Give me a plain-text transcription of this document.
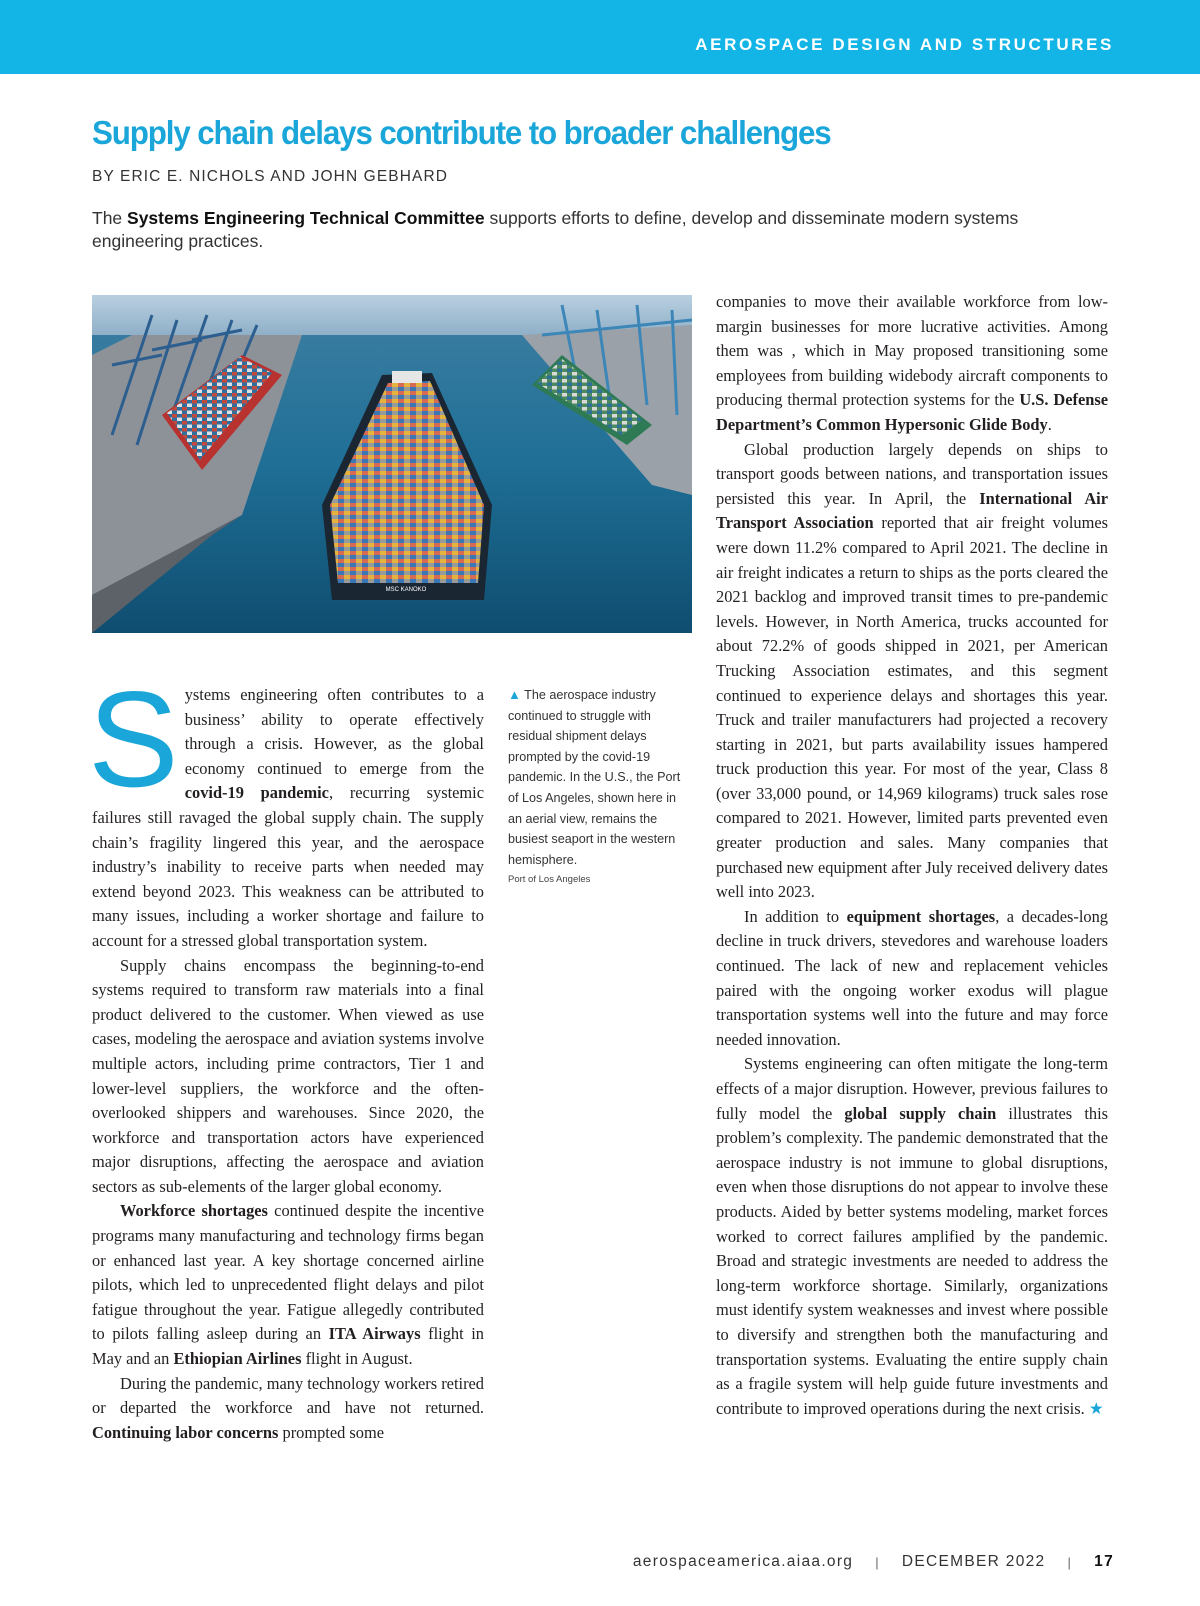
AEROSPACE DESIGN AND STRUCTURES
Supply chain delays contribute to broader challenges
BY ERIC E. NICHOLS AND JOHN GEBHARD
The Systems Engineering Technical Committee supports efforts to define, develop and disseminate modern systems engineering practices.
MSC KANOKO
▲ The aerospace industry continued to struggle with residual shipment delays prompted by the covid-19 pandemic. In the U.S., the Port of Los Angeles, shown here in an aerial view, remains the busiest seaport in the western hemisphere.
Port of Los Angeles

Systems engineering often contributes to a business’ ability to operate effectively through a crisis. However, as the global economy continued to emerge from the covid-19 pandemic, recurring systemic failures still ravaged the global supply chain. The supply chain’s fragility lingered this year, and the aerospace industry’s inability to receive parts when needed may extend beyond 2023. This weakness can be attributed to many issues, including a worker shortage and failure to account for a stressed global transportation system.

Supply chains encompass the beginning-to-end systems required to transform raw materials into a final product delivered to the customer. When viewed as use cases, modeling the aerospace and aviation systems involve multiple actors, including prime contractors, Tier 1 and lower-level suppliers, the workforce and the often-overlooked shippers and warehouses. Since 2020, the workforce and transportation actors have experienced major disruptions, affecting the aerospace and aviation sectors as sub-elements of the larger global economy.

Workforce shortages continued despite the incentive programs many manufacturing and technology firms began or enhanced last year. A key shortage concerned airline pilots, which led to unprecedented flight delays and pilot fatigue throughout the year. Fatigue allegedly contributed to pilots falling asleep during an ITA Airways flight in May and an Ethiopian Airlines flight in August.

During the pandemic, many technology workers retired or departed the workforce and have not returned. Continuing labor concerns prompted some

companies to move their available workforce from low-margin businesses for more lucrative activities. Among them was , which in May proposed transitioning some employees from building widebody aircraft components to producing thermal protection systems for the U.S. Defense Department’s Common Hypersonic Glide Body.

Global production largely depends on ships to transport goods between nations, and transportation issues persisted this year. In April, the International Air Transport Association reported that air freight volumes were down 11.2% compared to April 2021. The decline in air freight indicates a return to ships as the ports cleared the 2021 backlog and improved transit times to pre-pandemic levels. However, in North America, trucks accounted for about 72.2% of goods shipped in 2021, per American Trucking Association estimates, and this segment continued to experience delays and shortages this year. Truck and trailer manufacturers had projected a recovery starting in 2021, but parts availability issues hampered truck production this year. For most of the year, Class 8 (over 33,000 pound, or 14,969 kilograms) truck sales rose compared to 2021. However, limited parts prevented even greater production and sales. Many companies that purchased new equipment after July received delivery dates well into 2023.

In addition to equipment shortages, a decades-long decline in truck drivers, stevedores and warehouse loaders continued. The lack of new and replacement vehicles paired with the ongoing worker exodus will plague transportation systems well into the future and may force needed innovation.

Systems engineering can often mitigate the long-term effects of a major disruption. However, previous failures to fully model the global supply chain illustrates this problem’s complexity. The pandemic demonstrated that the aerospace industry is not immune to global disruptions, even when those disruptions do not appear to involve these products. Aided by better systems modeling, market forces worked to correct failures amplified by the pandemic. Broad and strategic investments are needed to address the long-term workforce shortage. Similarly, organizations must identify system weaknesses and invest where possible to diversify and strengthen both the manufacturing and transportation systems. Evaluating the entire supply chain as a fragile system will help guide future investments and contribute to improved operations during the next crisis. ★

aerospaceamerica.aiaa.org | DECEMBER 2022 | 17
